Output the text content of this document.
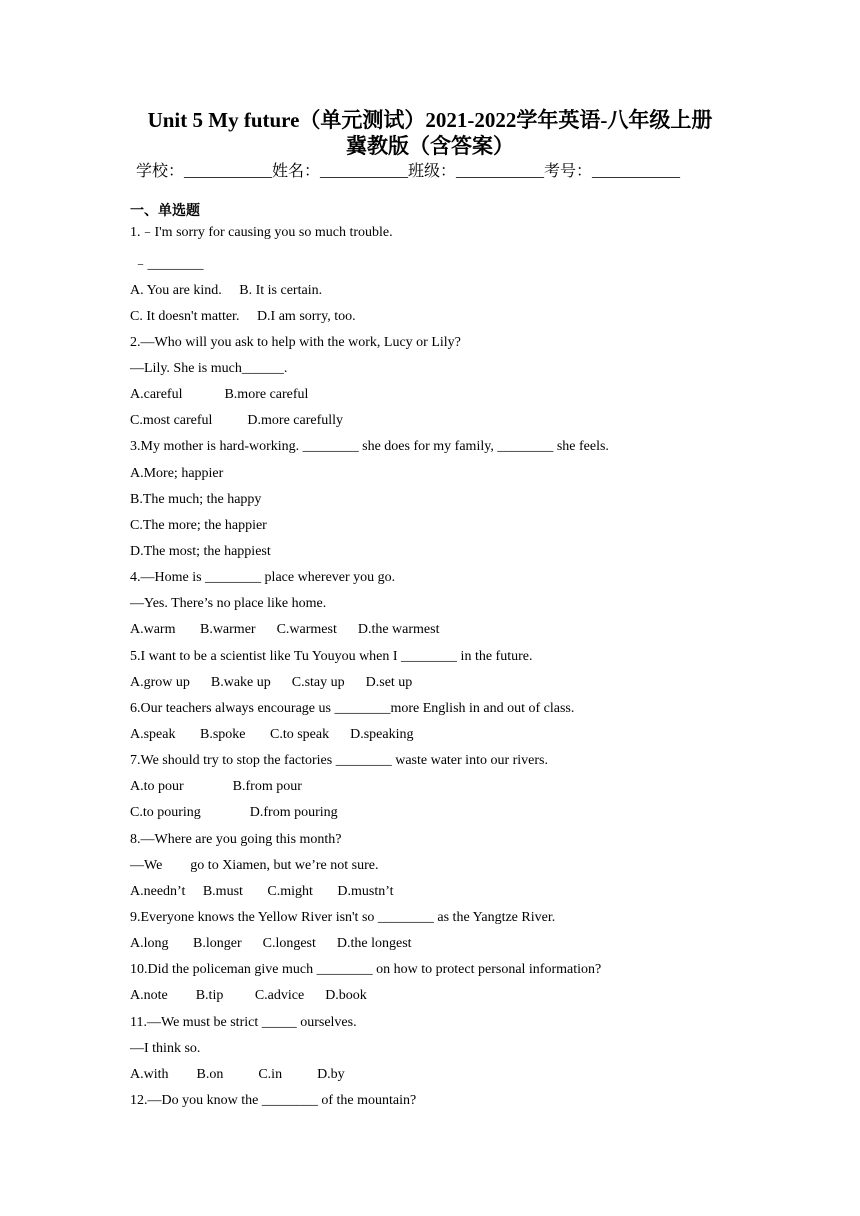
Unit 5 My future（单元测试）2021-2022学年英语-八年级上册
冀教版（含答案）
学校：___________姓名：___________班级：___________考号：___________
一、单选题
1.﹣I'm sorry for causing you so much trouble.
﹣________
A. You are kind.     B. It is certain.
C. It doesn't matter.     D.I am sorry, too.
2.—Who will you ask to help with the work, Lucy or Lily?
—Lily. She is much______.
A.careful            B.more careful
C.most careful          D.more carefully
3.My mother is hard-working. ________ she does for my family, ________ she feels.
A.More; happier
B.The much; the happy
C.The more; the happier
D.The most; the happiest
4.—Home is ________ place wherever you go.
—Yes. There’s no place like home.
A.warm       B.warmer      C.warmest      D.the warmest
5.I want to be a scientist like Tu Youyou when I ________ in the future.
A.grow up      B.wake up      C.stay up      D.set up
6.Our teachers always encourage us ________more English in and out of class.
A.speak       B.spoke       C.to speak      D.speaking
7.We should try to stop the factories ________ waste water into our rivers.
A.to pour              B.from pour
C.to pouring              D.from pouring
8.—Where are you going this month?
—We        go to Xiamen, but we’re not sure.
A.needn’t     B.must       C.might       D.mustn’t
9.Everyone knows the Yellow River isn't so ________ as the Yangtze River.
A.long       B.longer      C.longest      D.the longest
10.Did the policeman give much ________ on how to protect personal information?
A.note        B.tip         C.advice      D.book
11.—We must be strict _____ ourselves.
—I think so.
A.with        B.on          C.in          D.by
12.—Do you know the ________ of the mountain?
